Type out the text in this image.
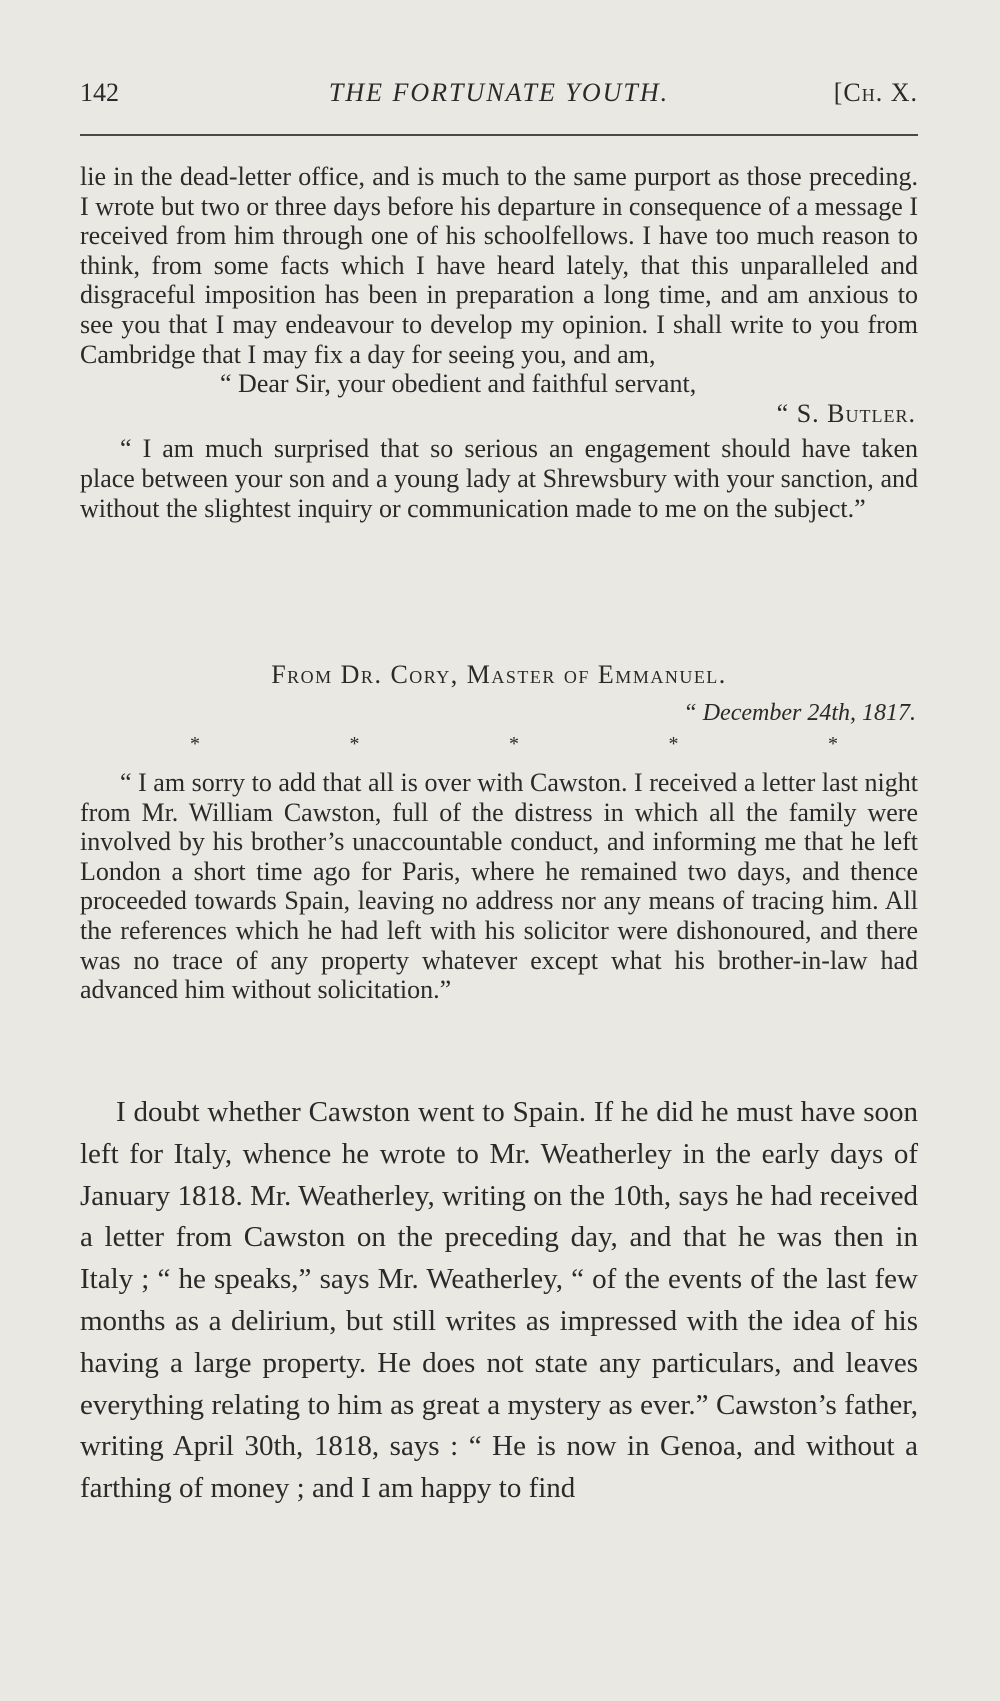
142	THE FORTUNATE YOUTH.	[Ch. X.

lie in the dead-letter office, and is much to the same purport as those preceding. I wrote but two or three days before his departure in consequence of a message I received from him through one of his schoolfellows. I have too much reason to think, from some facts which I have heard lately, that this unparalleled and disgraceful imposition has been in preparation a long time, and am anxious to see you that I may endeavour to develop my opinion. I shall write to you from Cambridge that I may fix a day for seeing you, and am,

“ Dear Sir, your obedient and faithful servant,

“ S. Butler.

“ I am much surprised that so serious an engagement should have taken place between your son and a young lady at Shrewsbury with your sanction, and without the slightest inquiry or communication made to me on the subject.”

From Dr. Cory, Master of Emmanuel.

“ December 24th, 1817.

*	*	*	*	*

“ I am sorry to add that all is over with Cawston. I received a letter last night from Mr. William Cawston, full of the distress in which all the family were involved by his brother’s unaccountable conduct, and informing me that he left London a short time ago for Paris, where he remained two days, and thence proceeded towards Spain, leaving no address nor any means of tracing him. All the references which he had left with his solicitor were dishonoured, and there was no trace of any property whatever except what his brother-in-law had advanced him without solicitation.”

I doubt whether Cawston went to Spain. If he did he must have soon left for Italy, whence he wrote to Mr. Weatherley in the early days of January 1818. Mr. Weatherley, writing on the 10th, says he had received a letter from Cawston on the preceding day, and that he was then in Italy ; “ he speaks,” says Mr. Weatherley, “ of the events of the last few months as a delirium, but still writes as impressed with the idea of his having a large property. He does not state any particulars, and leaves everything relating to him as great a mystery as ever.” Cawston’s father, writing April 30th, 1818, says : “ He is now in Genoa, and without a farthing of money ; and I am happy to find
